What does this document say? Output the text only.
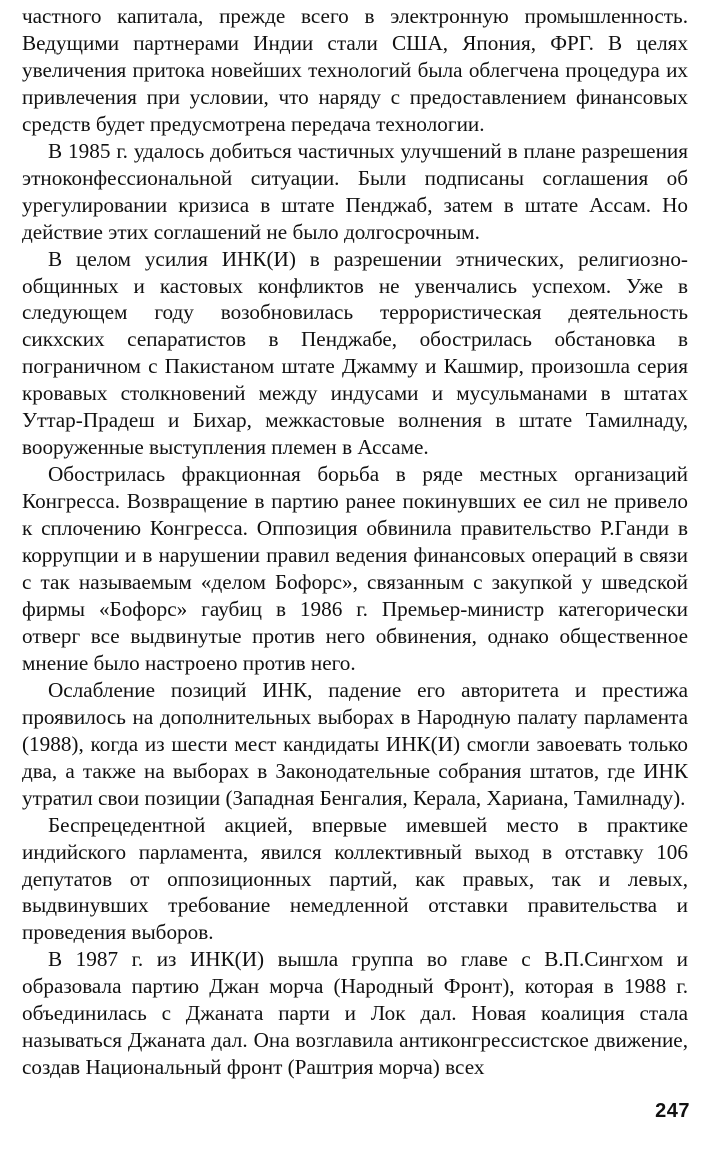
частного капитала, прежде всего в электронную промышленность. Ведущими партнерами Индии стали США, Япония, ФРГ. В целях увеличения притока новейших технологий была облегчена процедура их привлечения при условии, что наряду с предоставлением финансовых средств будет предусмотрена передача технологии.

В 1985 г. удалось добиться частичных улучшений в плане разрешения этноконфессиональной ситуации. Были подписаны соглашения об урегулировании кризиса в штате Пенджаб, затем в штате Ассам. Но действие этих соглашений не было долгосрочным.

В целом усилия ИНК(И) в разрешении этнических, религиозно-общинных и кастовых конфликтов не увенчались успехом. Уже в следующем году возобновилась террористическая деятельность сикхских сепаратистов в Пенджабе, обострилась обстановка в пограничном с Пакистаном штате Джамму и Кашмир, произошла серия кровавых столкновений между индусами и мусульманами в штатах Уттар-Прадеш и Бихар, межкастовые волнения в штате Тамилнаду, вооруженные выступления племен в Ассаме.

Обострилась фракционная борьба в ряде местных организаций Конгресса. Возвращение в партию ранее покинувших ее сил не привело к сплочению Конгресса. Оппозиция обвинила правительство Р.Ганди в коррупции и в нарушении правил ведения финансовых операций в связи с так называемым «делом Бофорс», связанным с закупкой у шведской фирмы «Бофорс» гаубиц в 1986 г. Премьер-министр категорически отверг все выдвинутые против него обвинения, однако общественное мнение было настроено против него.

Ослабление позиций ИНК, падение его авторитета и престижа проявилось на дополнительных выборах в Народную палату парламента (1988), когда из шести мест кандидаты ИНК(И) смогли завоевать только два, а также на выборах в Законодательные собрания штатов, где ИНК утратил свои позиции (Западная Бенгалия, Керала, Хариана, Тамилнаду).

Беспрецедентной акцией, впервые имевшей место в практике индийского парламента, явился коллективный выход в отставку 106 депутатов от оппозиционных партий, как правых, так и левых, выдвинувших требование немедленной отставки правительства и проведения выборов.

В 1987 г. из ИНК(И) вышла группа во главе с В.П.Сингхом и образовала партию Джан морча (Народный Фронт), которая в 1988 г. объединилась с Джаната парти и Лок дал. Новая коалиция стала называться Джаната дал. Она возглавила антиконгрессистское движение, создав Национальный фронт (Раштрия морча) всех

247
